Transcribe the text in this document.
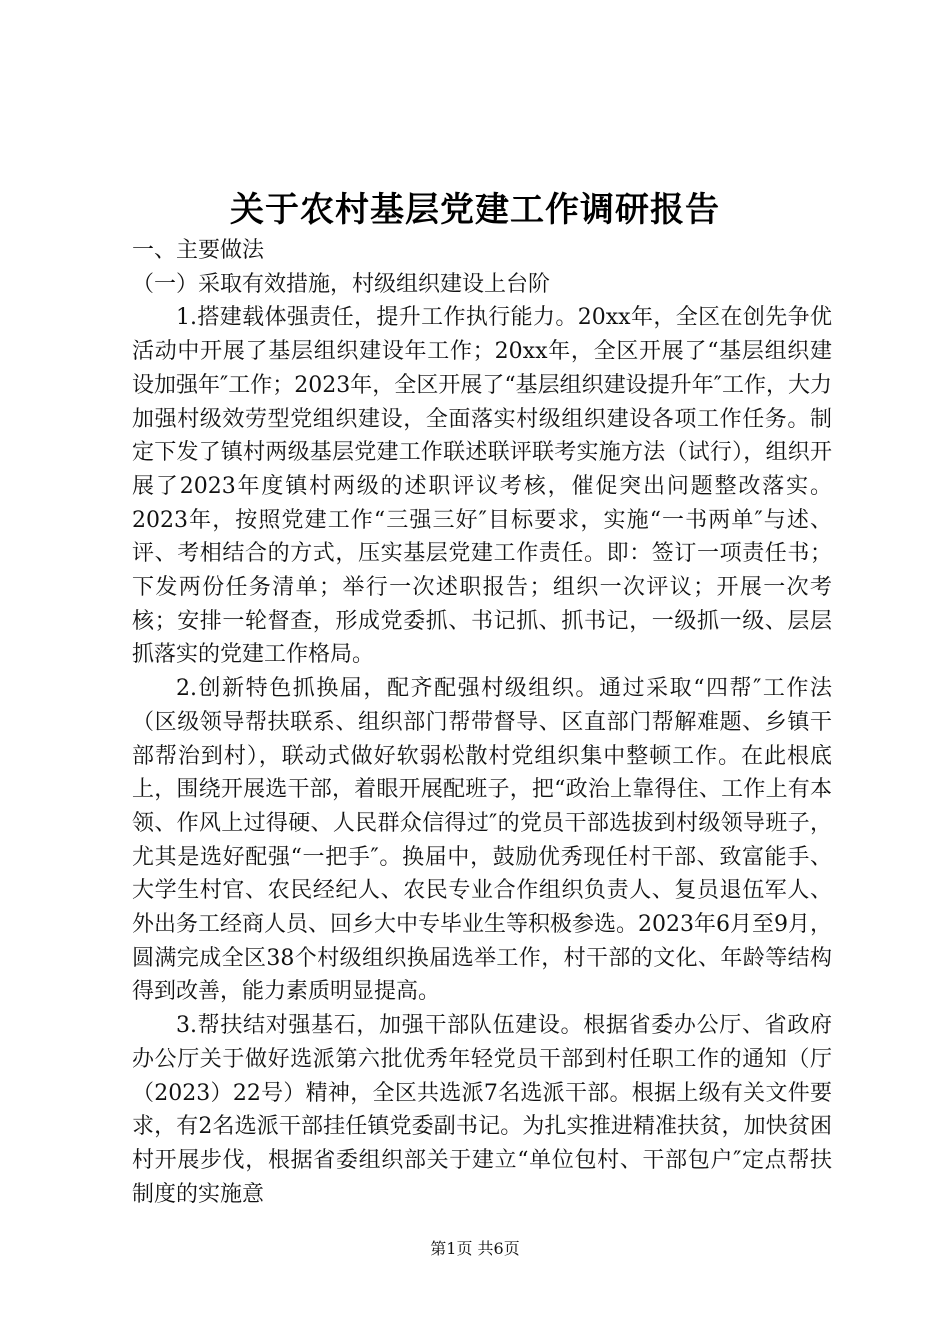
关于农村基层党建工作调研报告

一、主要做法

（一）采取有效措施，村级组织建设上台阶

1.搭建载体强责任，提升工作执行能力。20xx年，全区在创先争优活动中开展了基层组织建设年工作；20xx年，全区开展了“基层组织建设加强年″工作；2023年，全区开展了“基层组织建设提升年″工作，大力加强村级效劳型党组织建设，全面落实村级组织建设各项工作任务。制定下发了镇村两级基层党建工作联述联评联考实施方法（试行），组织开展了2023年度镇村两级的述职评议考核，催促突出问题整改落实。2023年，按照党建工作“三强三好″目标要求，实施“一书两单″与述、评、考相结合的方式，压实基层党建工作责任。即：签订一项责任书；下发两份任务清单；举行一次述职报告；组织一次评议；开展一次考核；安排一轮督查，形成党委抓、书记抓、抓书记，一级抓一级、层层抓落实的党建工作格局。

2.创新特色抓换届，配齐配强村级组织。通过采取“四帮″工作法（区级领导帮扶联系、组织部门帮带督导、区直部门帮解难题、乡镇干部帮治到村），联动式做好软弱松散村党组织集中整顿工作。在此根底上，围绕开展选干部，着眼开展配班子，把“政治上靠得住、工作上有本领、作风上过得硬、人民群众信得过″的党员干部选拔到村级领导班子，尤其是选好配强“一把手″。换届中，鼓励优秀现任村干部、致富能手、大学生村官、农民经纪人、农民专业合作组织负责人、复员退伍军人、外出务工经商人员、回乡大中专毕业生等积极参选。2023年6月至9月，圆满完成全区38个村级组织换届选举工作，村干部的文化、年龄等结构得到改善，能力素质明显提高。

3.帮扶结对强基石，加强干部队伍建设。根据省委办公厅、省政府办公厅关于做好选派第六批优秀年轻党员干部到村任职工作的通知（厅（2023）22号）精神，全区共选派7名选派干部。根据上级有关文件要求，有2名选派干部挂任镇党委副书记。为扎实推进精准扶贫，加快贫困村开展步伐，根据省委组织部关于建立“单位包村、干部包户″定点帮扶制度的实施意

第1页 共6页
